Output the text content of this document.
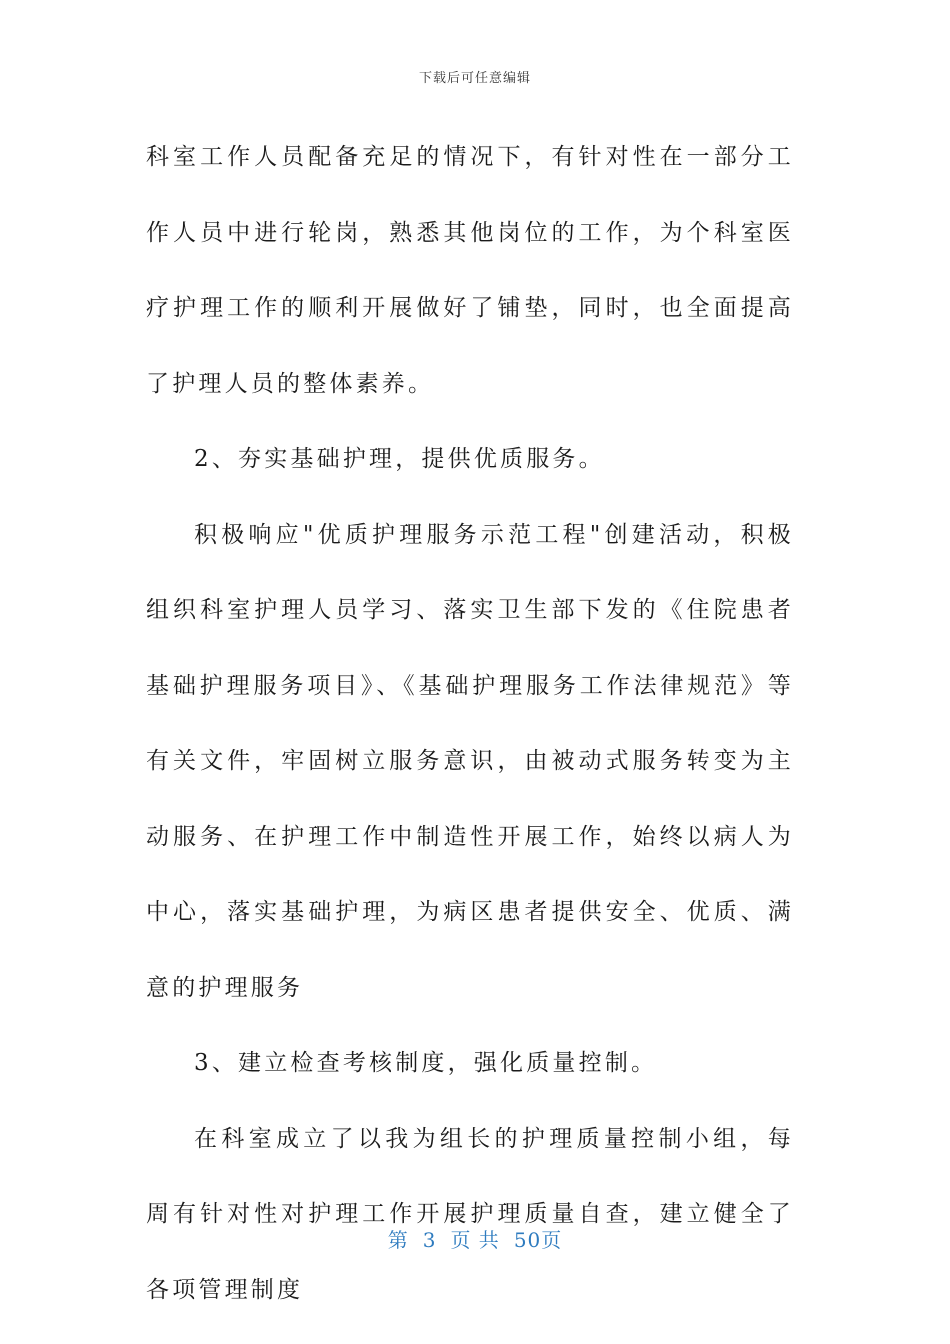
下载后可任意编辑

科室工作人员配备充足的情况下，有针对性在一部分工作人员中进行轮岗，熟悉其他岗位的工作，为个科室医疗护理工作的顺利开展做好了铺垫，同时，也全面提高了护理人员的整体素养。

2、夯实基础护理，提供优质服务。

积极响应"优质护理服务示范工程"创建活动，积极组织科室护理人员学习、落实卫生部下发的《住院患者基础护理服务项目》、《基础护理服务工作法律规范》等有关文件，牢固树立服务意识，由被动式服务转变为主动服务、在护理工作中制造性开展工作，始终以病人为中心，落实基础护理，为病区患者提供安全、优质、满意的护理服务

3、建立检查考核制度，强化质量控制。

在科室成立了以我为组长的护理质量控制小组，每周有针对性对护理工作开展护理质量自查，建立健全了各项管理制度

第 3 页 共 50页
